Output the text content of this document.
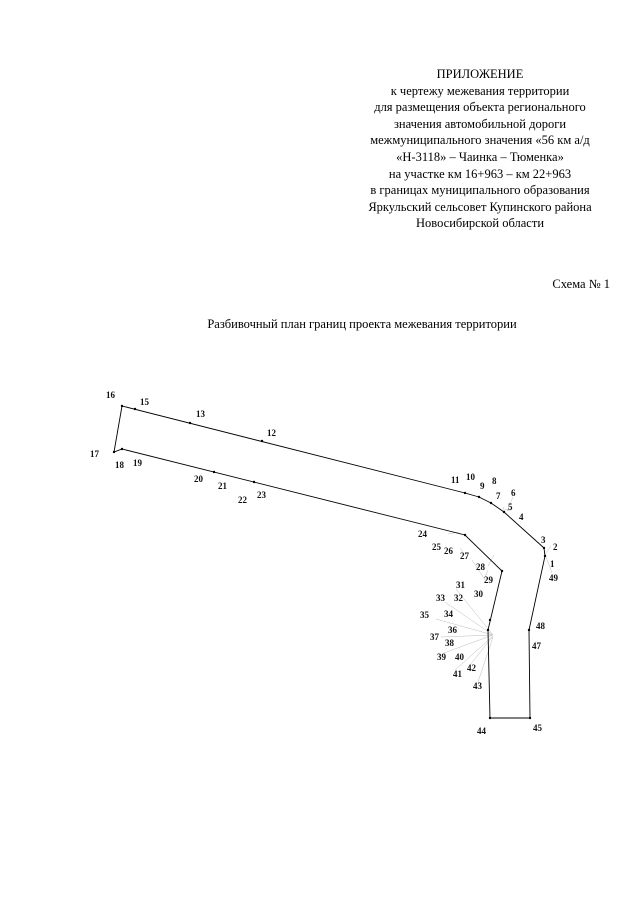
ПРИЛОЖЕНИЕ
к чертежу межевания территории
для размещения объекта регионального
значения автомобильной дороги
межмуниципального значения «56 км а/д
«Н-3118» – Чаинка – Тюменка»
на участке км 16+963 – км 22+963
в границах муниципального образования
Яркульский сельсовет Купинского района
Новосибирской области
Схема № 1
Разбивочный план границ проекта межевания территории
1
2
3
4
5
6
7
8
9
10
11
12
13
15
16
17
18 19
20
21
22 23
24
25 26 27
28
29
30
31
32
33
34
35
36
37
38
39 40
41
42
43
44	45
47
48
49
